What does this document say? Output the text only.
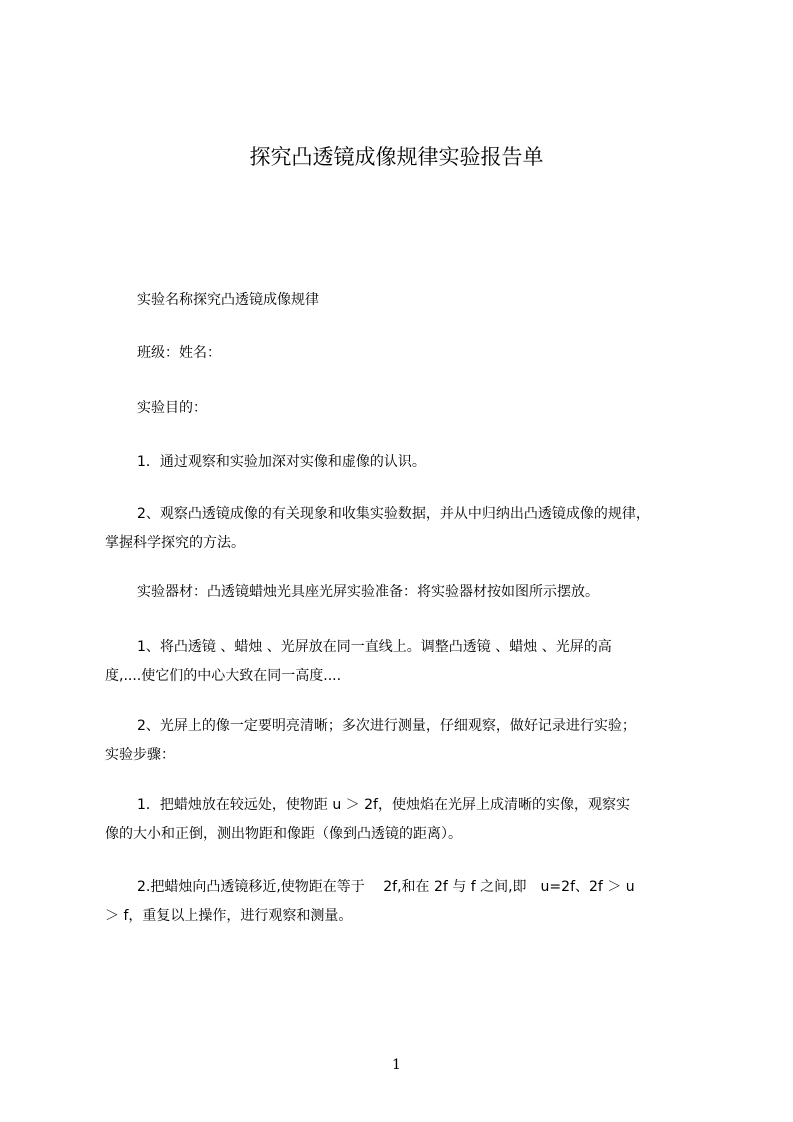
探究凸透镜成像规律实验报告单

实验名称探究凸透镜成像规律

班级：姓名：

实验目的：

1．通过观察和实验加深对实像和虚像的认识。

2、观察凸透镜成像的有关现象和收集实验数据，并从中归纳出凸透镜成像的规律，
掌握科学探究的方法。

实验器材：凸透镜蜡烛光具座光屏实验准备：将实验器材按如图所示摆放。

1、将凸透镜 、蜡烛 、光屏放在同一直线上。调整凸透镜 、蜡烛 、光屏的高
度,....使它们的中心大致在同一高度....
2、光屏上的像一定要明亮清晰；多次进行测量，仔细观察，做好记录进行实验；
实验步骤：
1．把蜡烛放在较远处，使物距 u ＞ 2f，使烛焰在光屏上成清晰的实像，观察实
像的大小和正倒，测出物距和像距（像到凸透镜的距离）。
2.把蜡烛向凸透镜移近,使物距在等于　 2f,和在 2f 与 f 之间,即　u=2f、2f ＞ u
＞ f，重复以上操作，进行观察和测量。
1
